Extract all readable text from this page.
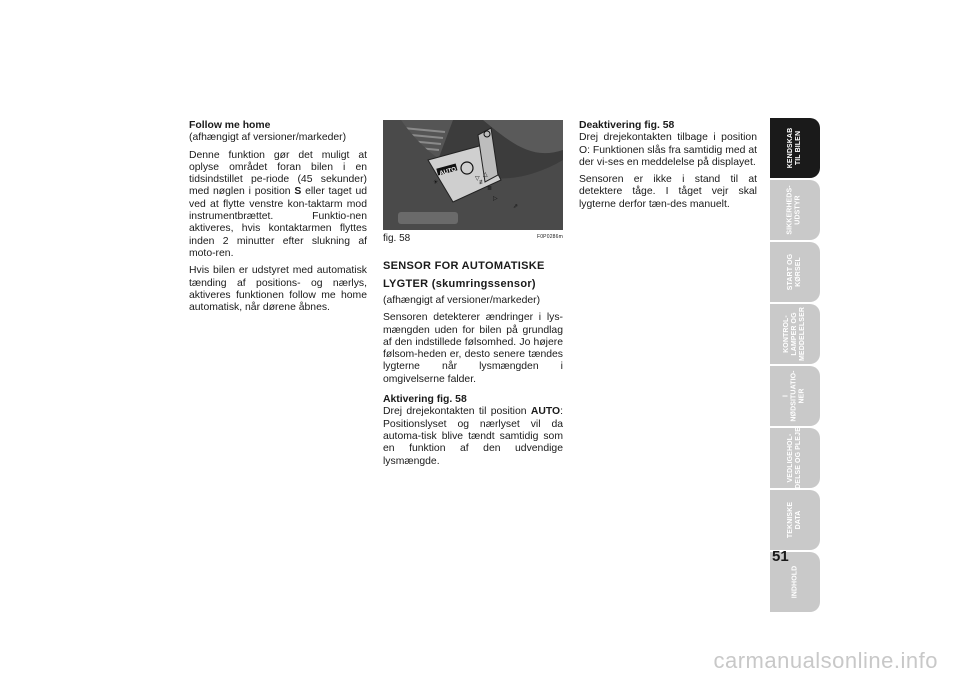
Follow me home

(afhængigt af versioner/markeder)

Denne funktion gør det muligt at oplyse området foran bilen i en tidsindstillet pe-riode (45 sekunder) med nøglen i position S eller taget ud ved at flytte venstre kon-taktarm mod instrumentbrættet. Funktio-nen aktiveres, hvis kontaktarmen flyttes inden 2 minutter efter slukning af moto-ren.

Hvis bilen er udstyret med automatisk tænding af positions- og nærlys, aktiveres funktionen follow me home automatisk, når dørene åbnes.

AUTO
☀	≢
≣
▽
△
⇗
▷
fig. 58	F0P0286m

SENSOR FOR AUTOMATISKE

LYGTER (skumringssensor)

(afhængigt af versioner/markeder)

Sensoren detekterer ændringer i lys-mængden uden for bilen på grundlag af den indstillede følsomhed. Jo højere følsom-heden er, desto senere tændes lygterne når lysmængden i omgivelserne falder.

Aktivering fig. 58

Drej drejekontakten til position AUTO: Positionslyset og nærlyset vil da automa-tisk blive tændt samtidig som en funktion af den udvendige lysmængde.

Deaktivering fig. 58

Drej drejekontakten tilbage i position O: Funktionen slås fra samtidig med at der vi-ses en meddelelse på displayet.

Sensoren er ikke i stand til at detektere tåge. I tåget vejr skal lygterne derfor tæn-des manuelt.

KENDSKAB
TIL BILEN
SIKKERHEDS-
UDSTYR
START OG
KØRSEL
KONTROL-
LAMPER OG
MEDDELELSER
I
NØDSITUATIO-
NER
VEDLIGEHOL-
DELSE OG PLEJE
TEKNISKE
DATA
INDHOLD
51
carmanualsonline.info
